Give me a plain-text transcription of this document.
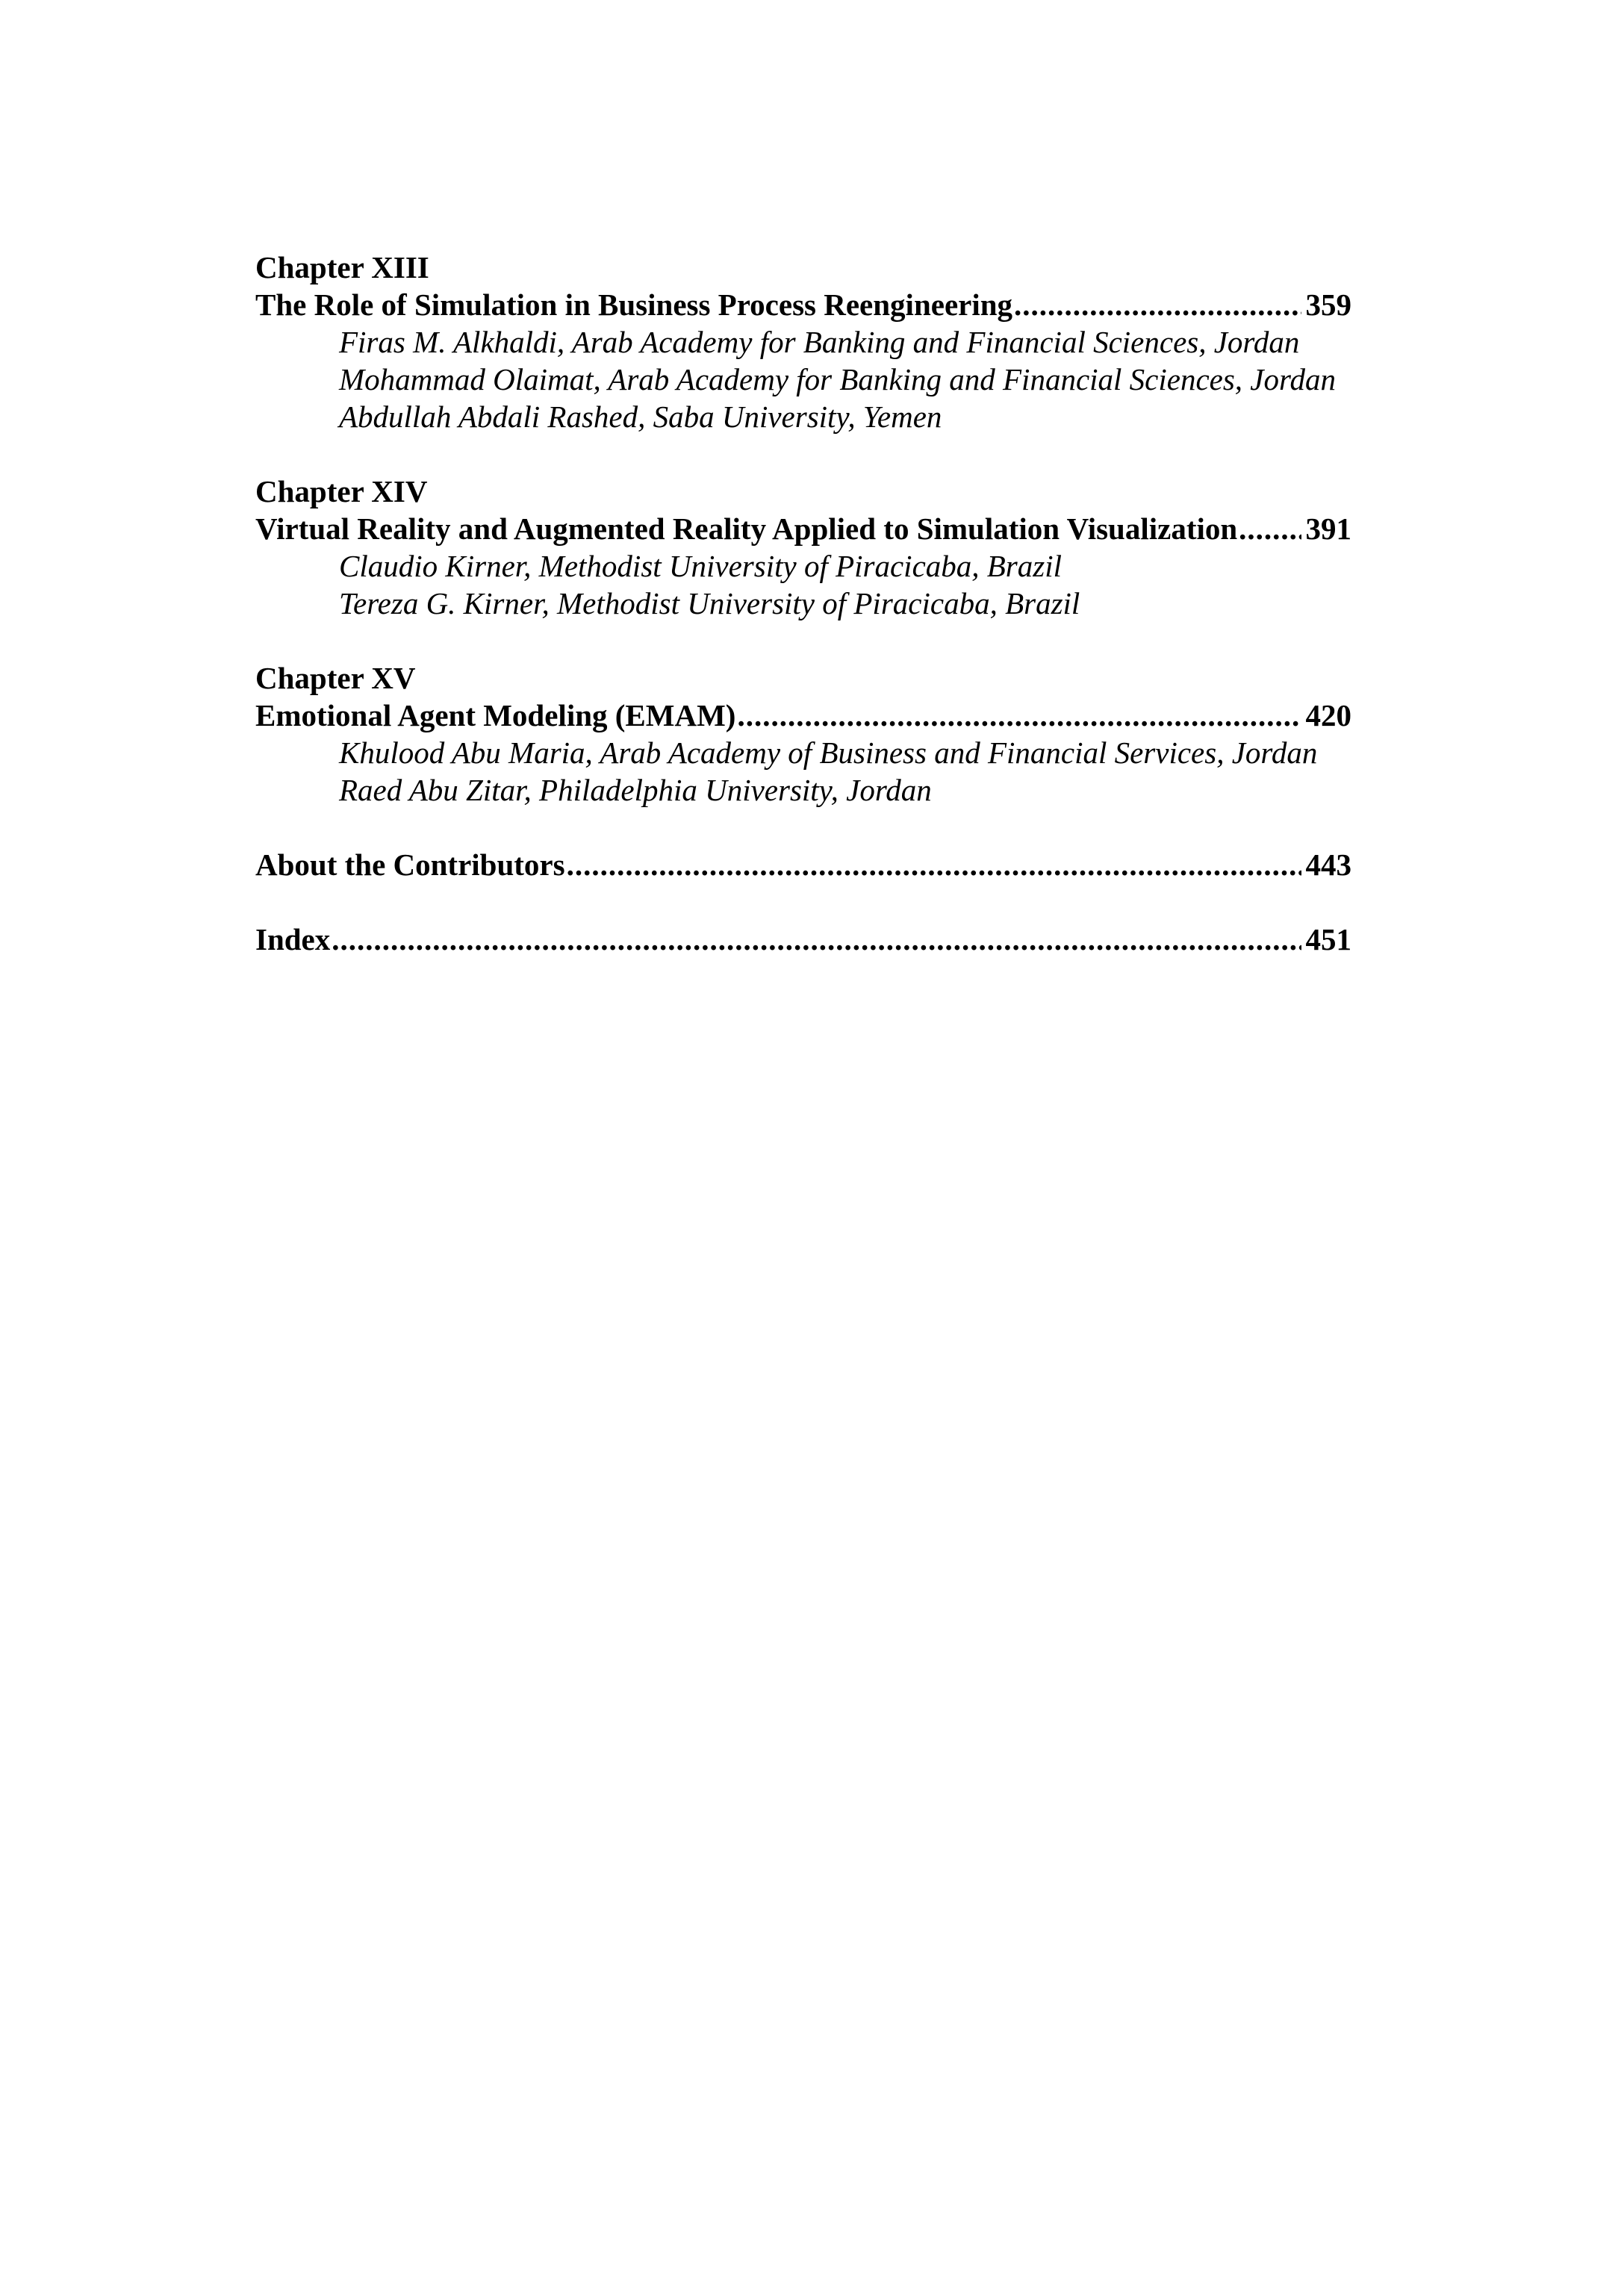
Chapter XIII
The Role of Simulation in Business Process Reengineering .....	359
Firas M. Alkhaldi, Arab Academy for Banking and Financial Sciences, Jordan
Mohammad Olaimat, Arab Academy for Banking and Financial Sciences, Jordan
Abdullah Abdali Rashed, Saba University, Yemen
Chapter XIV
Virtual Reality and Augmented Reality Applied to Simulation Visualization ..... 391
Claudio Kirner, Methodist University of Piracicaba, Brazil
Tereza G. Kirner, Methodist University of Piracicaba, Brazil
Chapter XV
Emotional Agent Modeling (EMAM) .....	420
Khulood Abu Maria, Arab Academy of Business and Financial Services, Jordan
Raed Abu Zitar, Philadelphia University, Jordan
About the Contributors .....	443
Index .....	451
